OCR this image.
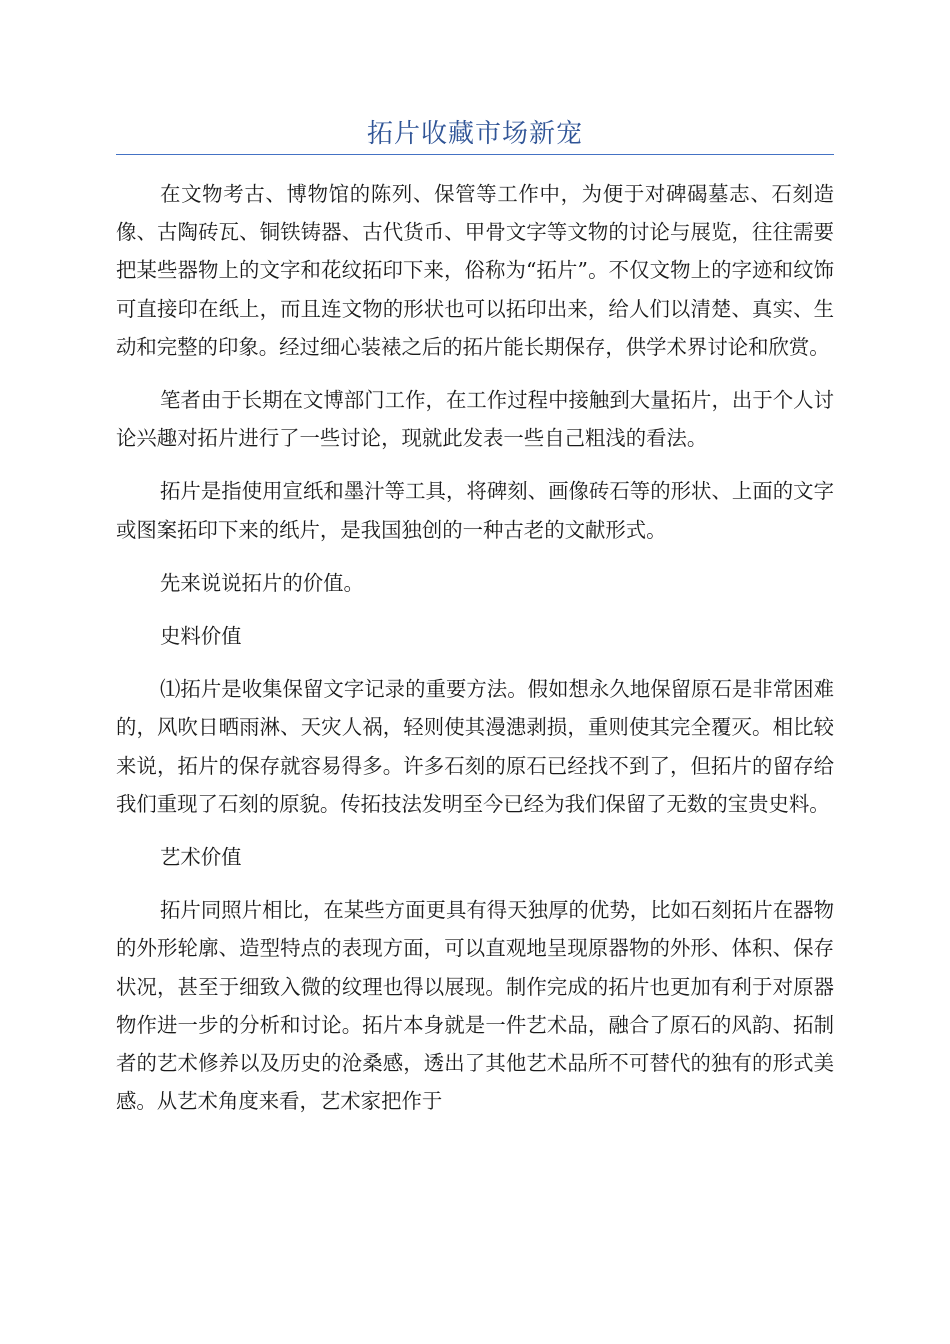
拓片收藏市场新宠

在文物考古、博物馆的陈列、保管等工作中，为便于对碑碣墓志、石刻造像、古陶砖瓦、铜铁铸器、古代货币、甲骨文字等文物的讨论与展览，往往需要把某些器物上的文字和花纹拓印下来，俗称为“拓片”。不仅文物上的字迹和纹饰可直接印在纸上，而且连文物的形状也可以拓印出来，给人们以清楚、真实、生动和完整的印象。经过细心装裱之后的拓片能长期保存，供学术界讨论和欣赏。

笔者由于长期在文博部门工作，在工作过程中接触到大量拓片，出于个人讨论兴趣对拓片进行了一些讨论，现就此发表一些自己粗浅的看法。

拓片是指使用宣纸和墨汁等工具，将碑刻、画像砖石等的形状、上面的文字或图案拓印下来的纸片，是我国独创的一种古老的文献形式。

先来说说拓片的价值。

史料价值

⑴拓片是收集保留文字记录的重要方法。假如想永久地保留原石是非常困难的，风吹日晒雨淋、天灾人祸，轻则使其漫漶剥损，重则使其完全覆灭。相比较来说，拓片的保存就容易得多。许多石刻的原石已经找不到了，但拓片的留存给我们重现了石刻的原貌。传拓技法发明至今已经为我们保留了无数的宝贵史料。

艺术价值

拓片同照片相比，在某些方面更具有得天独厚的优势，比如石刻拓片在器物的外形轮廓、造型特点的表现方面，可以直观地呈现原器物的外形、体积、保存状况，甚至于细致入微的纹理也得以展现。制作完成的拓片也更加有利于对原器物作进一步的分析和讨论。拓片本身就是一件艺术品，融合了原石的风韵、拓制者的艺术修养以及历史的沧桑感，透出了其他艺术品所不可替代的独有的形式美感。从艺术角度来看，艺术家把作于
